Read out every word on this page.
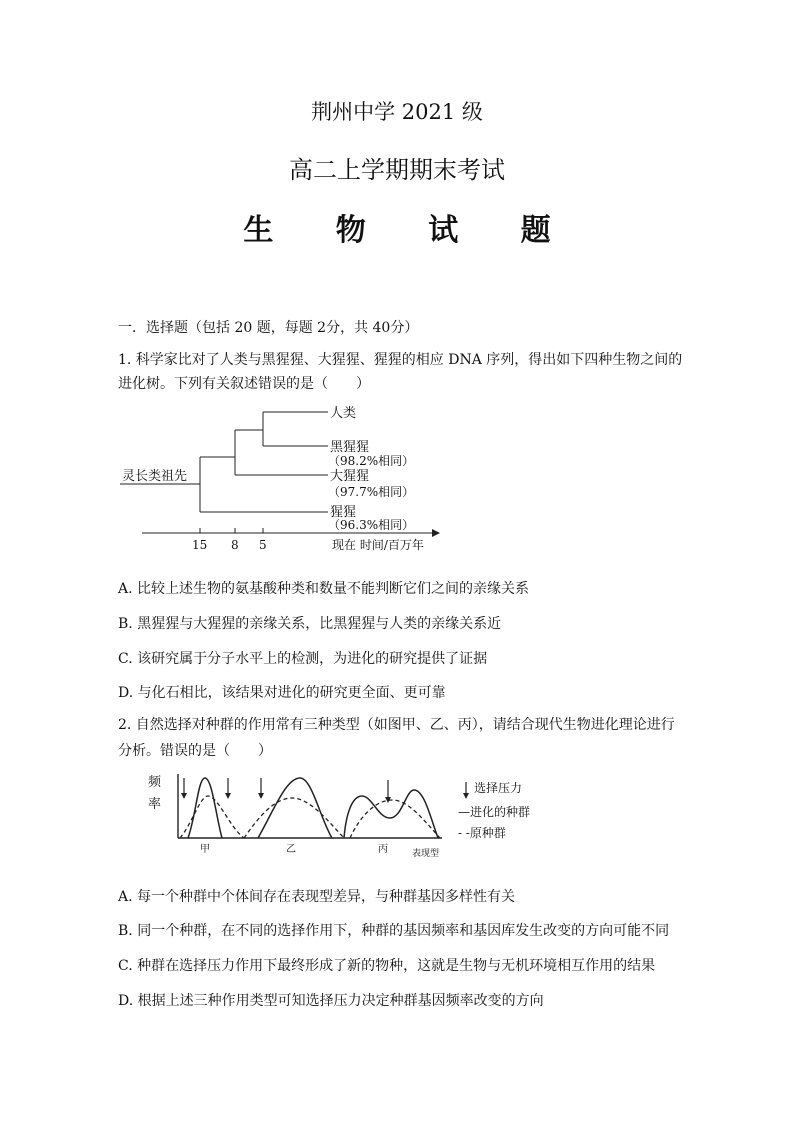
荆州中学 2021 级
高二上学期期末考试
生 物 试 题
一．选择题（包括 20 题，每题 2分，共 40分）
1. 科学家比对了人类与黑猩猩、大猩猩、猩猩的相应 DNA 序列，得出如下四种生物之间的
进化树。下列有关叙述错误的是（　　）
灵长类祖先
人类
黑猩猩
（98.2%相同）
大猩猩
（97.7%相同）
猩猩
（96.3%相同）
15 8 5	现在 时间/百万年
A. 比较上述生物的氨基酸种类和数量不能判断它们之间的亲缘关系
B. 黑猩猩与大猩猩的亲缘关系，比黑猩猩与人类的亲缘关系近
C. 该研究属于分子水平上的检测，为进化的研究提供了证据
D. 与化石相比，该结果对进化的研究更全面、更可靠
2. 自然选择对种群的作用常有三种类型（如图甲、乙、丙），请结合现代生物进化理论进行
分析。错误的是（　　）
频
率
甲	乙	丙	表现型
选择压力
—进化的种群
- -原种群
A. 每一个种群中个体间存在表现型差异，与种群基因多样性有关
B. 同一个种群，在不同的选择作用下，种群的基因频率和基因库发生改变的方向可能不同
C. 种群在选择压力作用下最终形成了新的物种，这就是生物与无机环境相互作用的结果
D. 根据上述三种作用类型可知选择压力决定种群基因频率改变的方向
